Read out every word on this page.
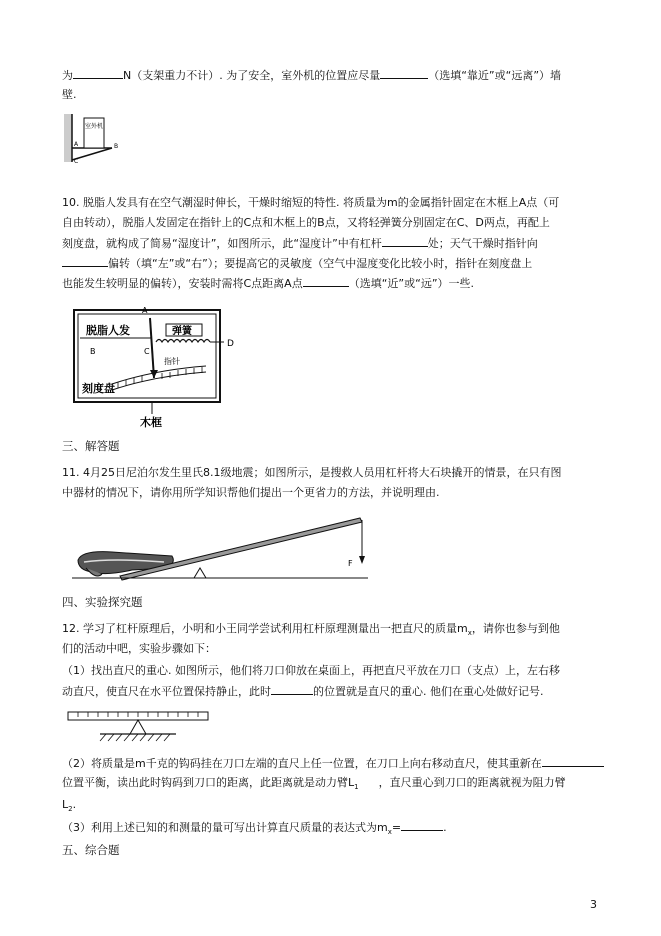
为	N（支架重力不计）. 为了安全，室外机的位置应尽量	（选填“靠近”或“远离”）墙
壁.
室外机
A	B
C
10. 脱脂人发具有在空气潮湿时伸长，干燥时缩短的特性. 将质量为m的金属指针固定在木框上A点（可
自由转动），脱脂人发固定在指针上的C点和木框上的B点，又将轻弹簧分别固定在C、D两点，再配上
刻度盘，就构成了简易“湿度计”，如图所示，此“湿度计”中有杠杆	处；天气干燥时指针向
偏转（填“左”或“右”）；要提高它的灵敏度（空气中湿度变化比较小时，指针在刻度盘上
也能发生较明显的偏转），安装时需将C点距离A点	（选填“近”或“远”）一些.
A
脱脂人发
B	C
弹簧
D
指针
刻度盘
木框
三、解答题
11. 4月25日尼泊尔发生里氏8.1级地震；如图所示，是搜救人员用杠杆将大石块撬开的情景，在只有图
中器材的情况下，请你用所学知识帮他们提出一个更省力的方法，并说明理由.
F
四、实验探究题
12. 学习了杠杆原理后，小明和小王同学尝试利用杠杆原理测量出一把直尺的质量$m_x$，请你也参与到他
们的活动中吧，实验步骤如下：
（1）找出直尺的重心. 如图所示，他们将刀口仰放在桌面上，再把直尺平放在刀口（支点）上，左右移
动直尺，使直尺在水平位置保持静止，此时	的位置就是直尺的重心. 他们在重心处做好记号.
（2）将质量是m千克的钩码挂在刀口左端的直尺上任一位置，在刀口上向右移动直尺，使其重新在
位置平衡，读出此时钩码到刀口的距离，此距离就是动力臂$L_1$ ，直尺重心到刀口的距离就视为阻力臂
$L_2$.
（3）利用上述已知的和测量的量可写出计算直尺质量的表达式为$m_x=$	.
五、综合题
3
